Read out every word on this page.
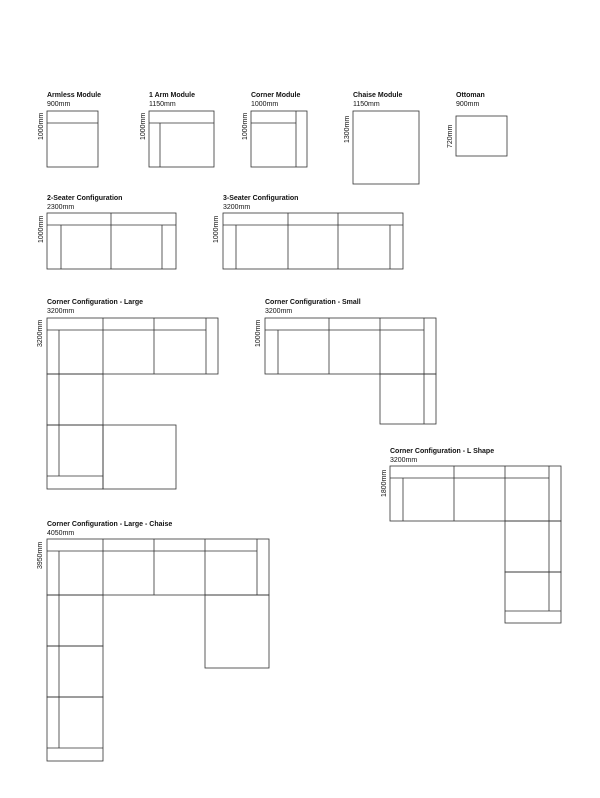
Armless Module
900mm
1000mm
1 Arm Module
1150mm
1000mm
Corner Module
1000mm
1000mm
Chaise Module
1150mm
1300mm
Ottoman
900mm
720mm
2-Seater Configuration
2300mm
1000mm
3-Seater Configuration
3200mm
1000mm
Corner Configuration - Large
3200mm
3200mm
Corner Configuration - Small
3200mm
1000mm
Corner Configuration - L Shape
3200mm
1800mm
Corner Configuration - Large - Chaise
4050mm
3950mm
